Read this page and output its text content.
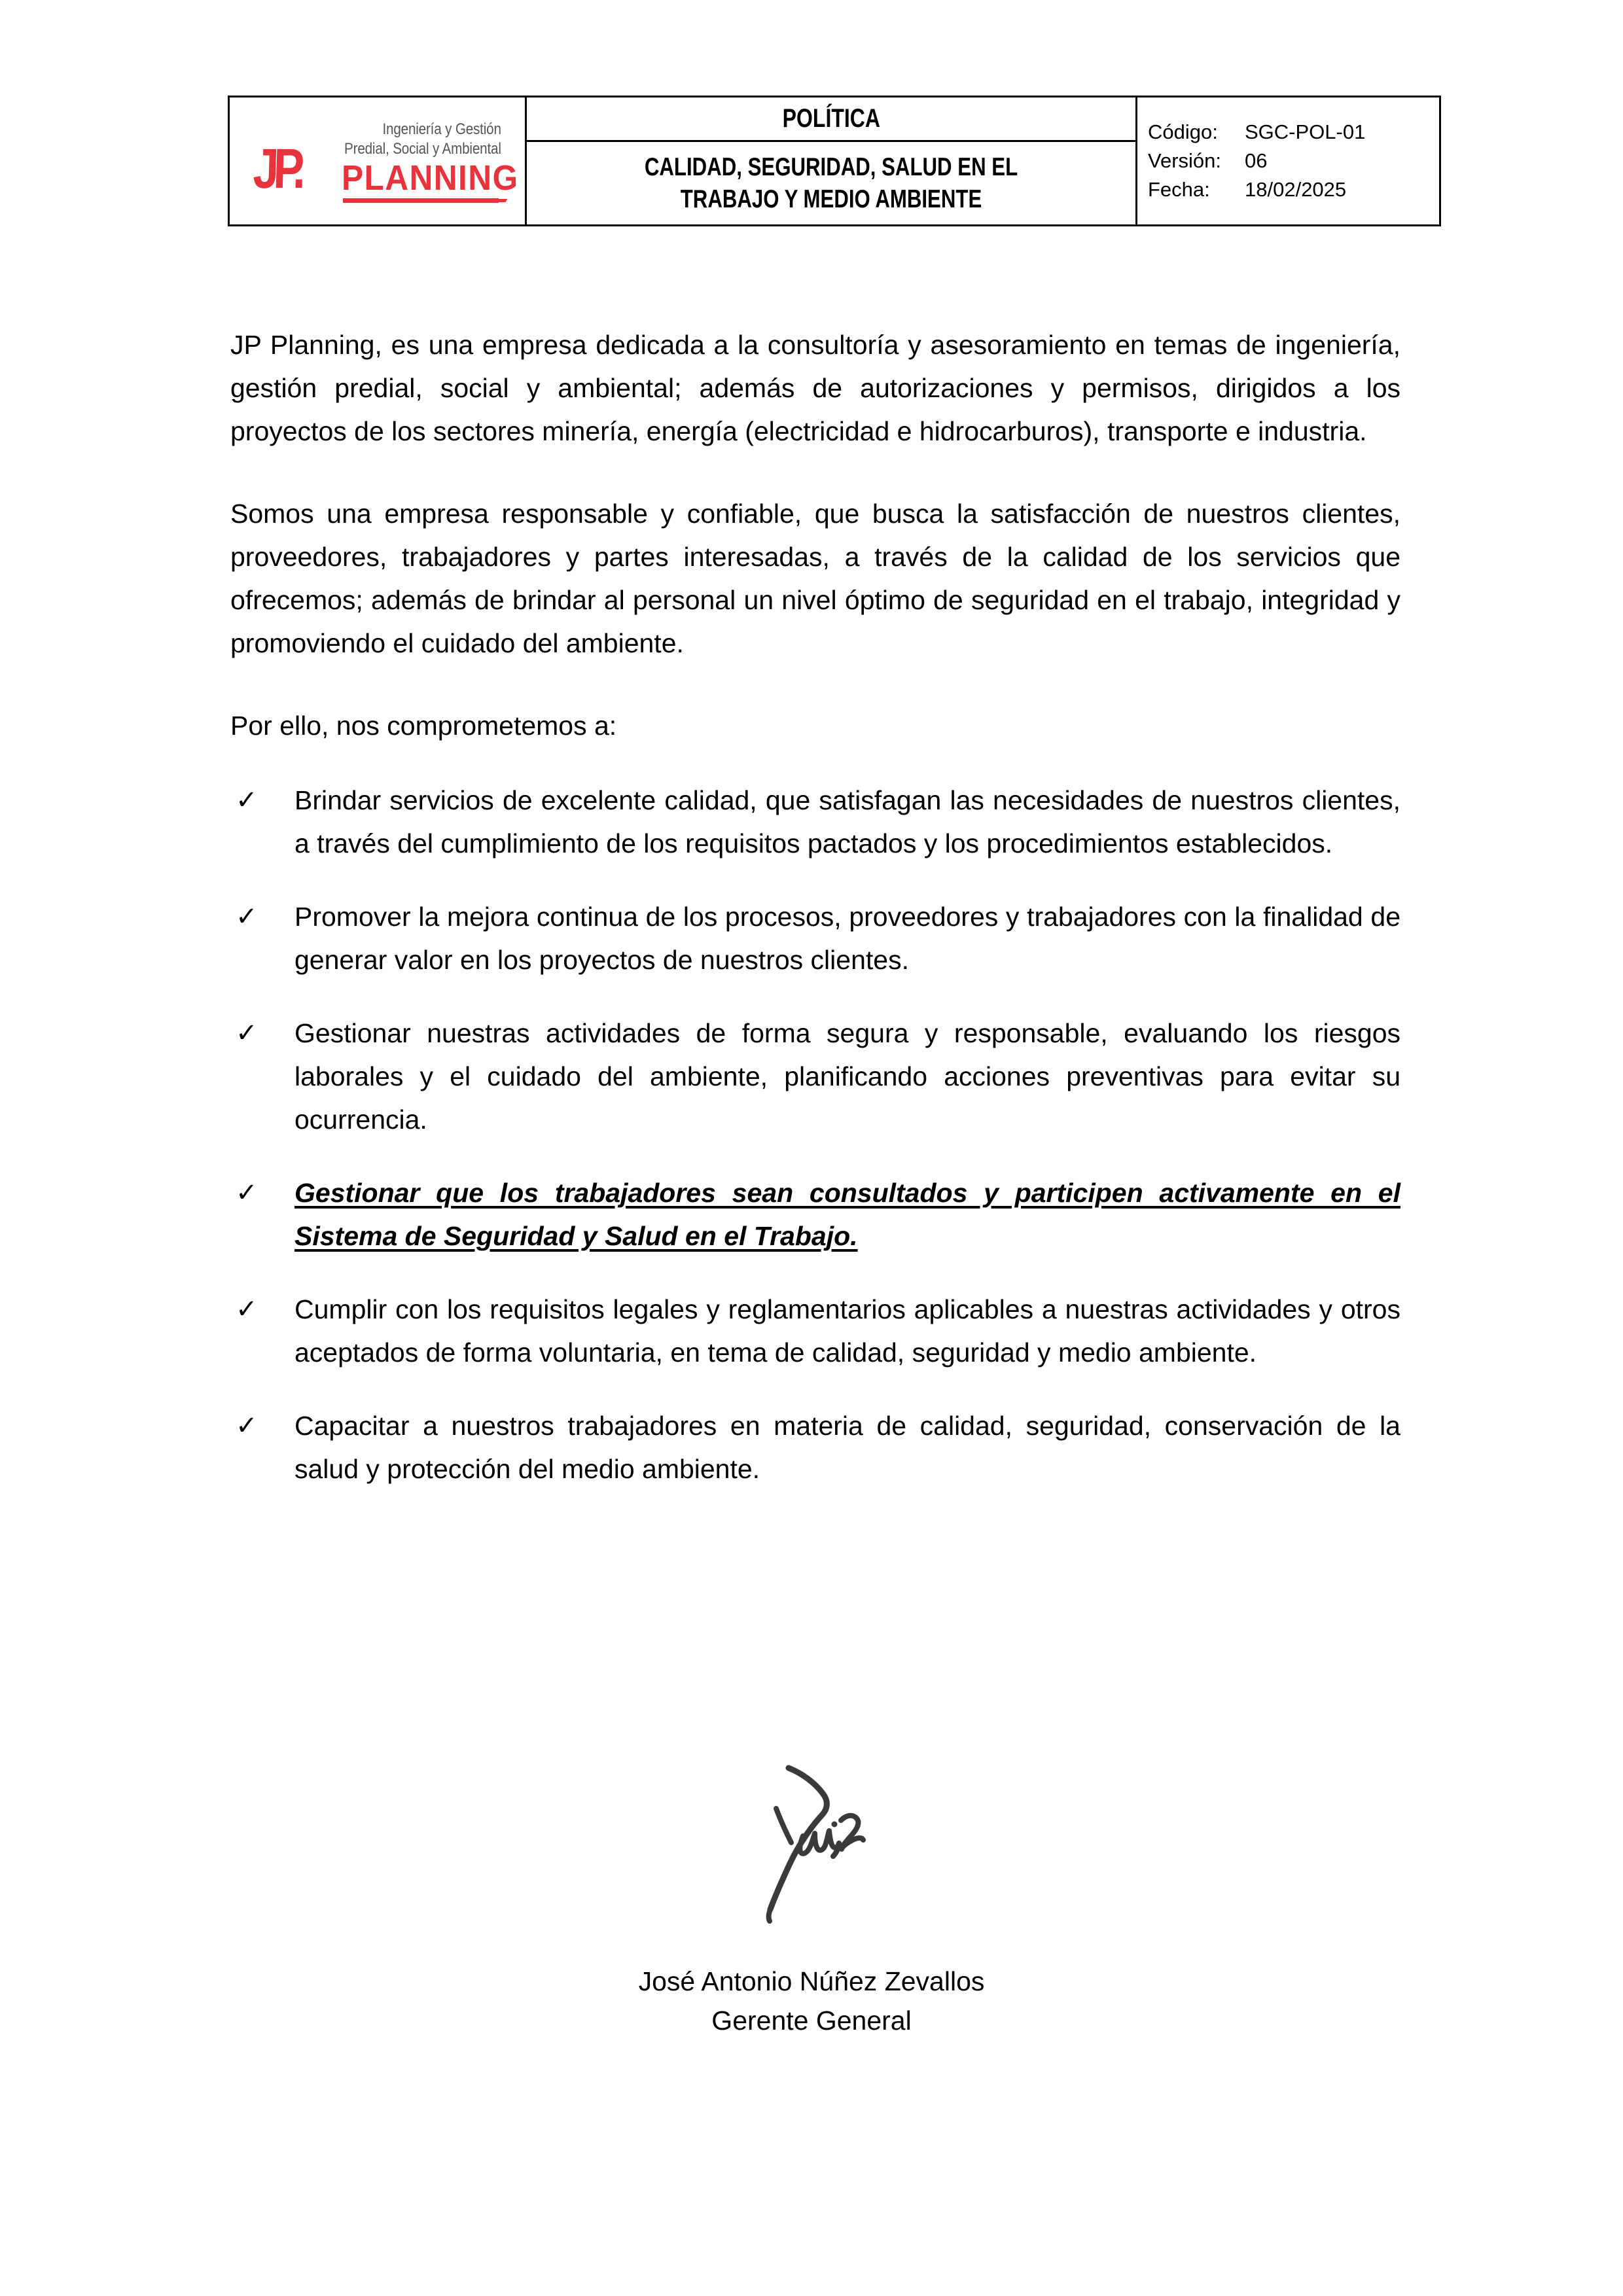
Ingeniería y Gestión
Predial, Social y Ambiental
JP. PLANNING
	POLÍTICA	Código:	SGC-POL-01
Versión:	06
Fecha:	18/02/2025

CALIDAD, SEGURIDAD, SALUD EN EL TRABAJO Y MEDIO AMBIENTE

JP Planning, es una empresa dedicada a la consultoría y asesoramiento en temas de ingeniería, gestión predial, social y ambiental; además de autorizaciones y permisos, dirigidos a los proyectos de los sectores minería, energía (electricidad e hidrocarburos), transporte e industria.

Somos una empresa responsable y confiable, que busca la satisfacción de nuestros clientes, proveedores, trabajadores y partes interesadas, a través de la calidad de los servicios que ofrecemos; además de brindar al personal un nivel óptimo de seguridad en el trabajo, integridad y promoviendo el cuidado del ambiente.

Por ello, nos comprometemos a:

✓ Brindar servicios de excelente calidad, que satisfagan las necesidades de nuestros clientes, a través del cumplimiento de los requisitos pactados y los procedimientos establecidos.
✓ Promover la mejora continua de los procesos, proveedores y trabajadores con la finalidad de generar valor en los proyectos de nuestros clientes.
✓ Gestionar nuestras actividades de forma segura y responsable, evaluando los riesgos laborales y el cuidado del ambiente, planificando acciones preventivas para evitar su ocurrencia.
✓ Gestionar que los trabajadores sean consultados y participen activamente en el Sistema de Seguridad y Salud en el Trabajo.
✓ Cumplir con los requisitos legales y reglamentarios aplicables a nuestras actividades y otros aceptados de forma voluntaria, en tema de calidad, seguridad y medio ambiente.
✓ Capacitar a nuestros trabajadores en materia de calidad, seguridad, conservación de la salud y protección del medio ambiente.
José Antonio Núñez Zevallos
Gerente General
